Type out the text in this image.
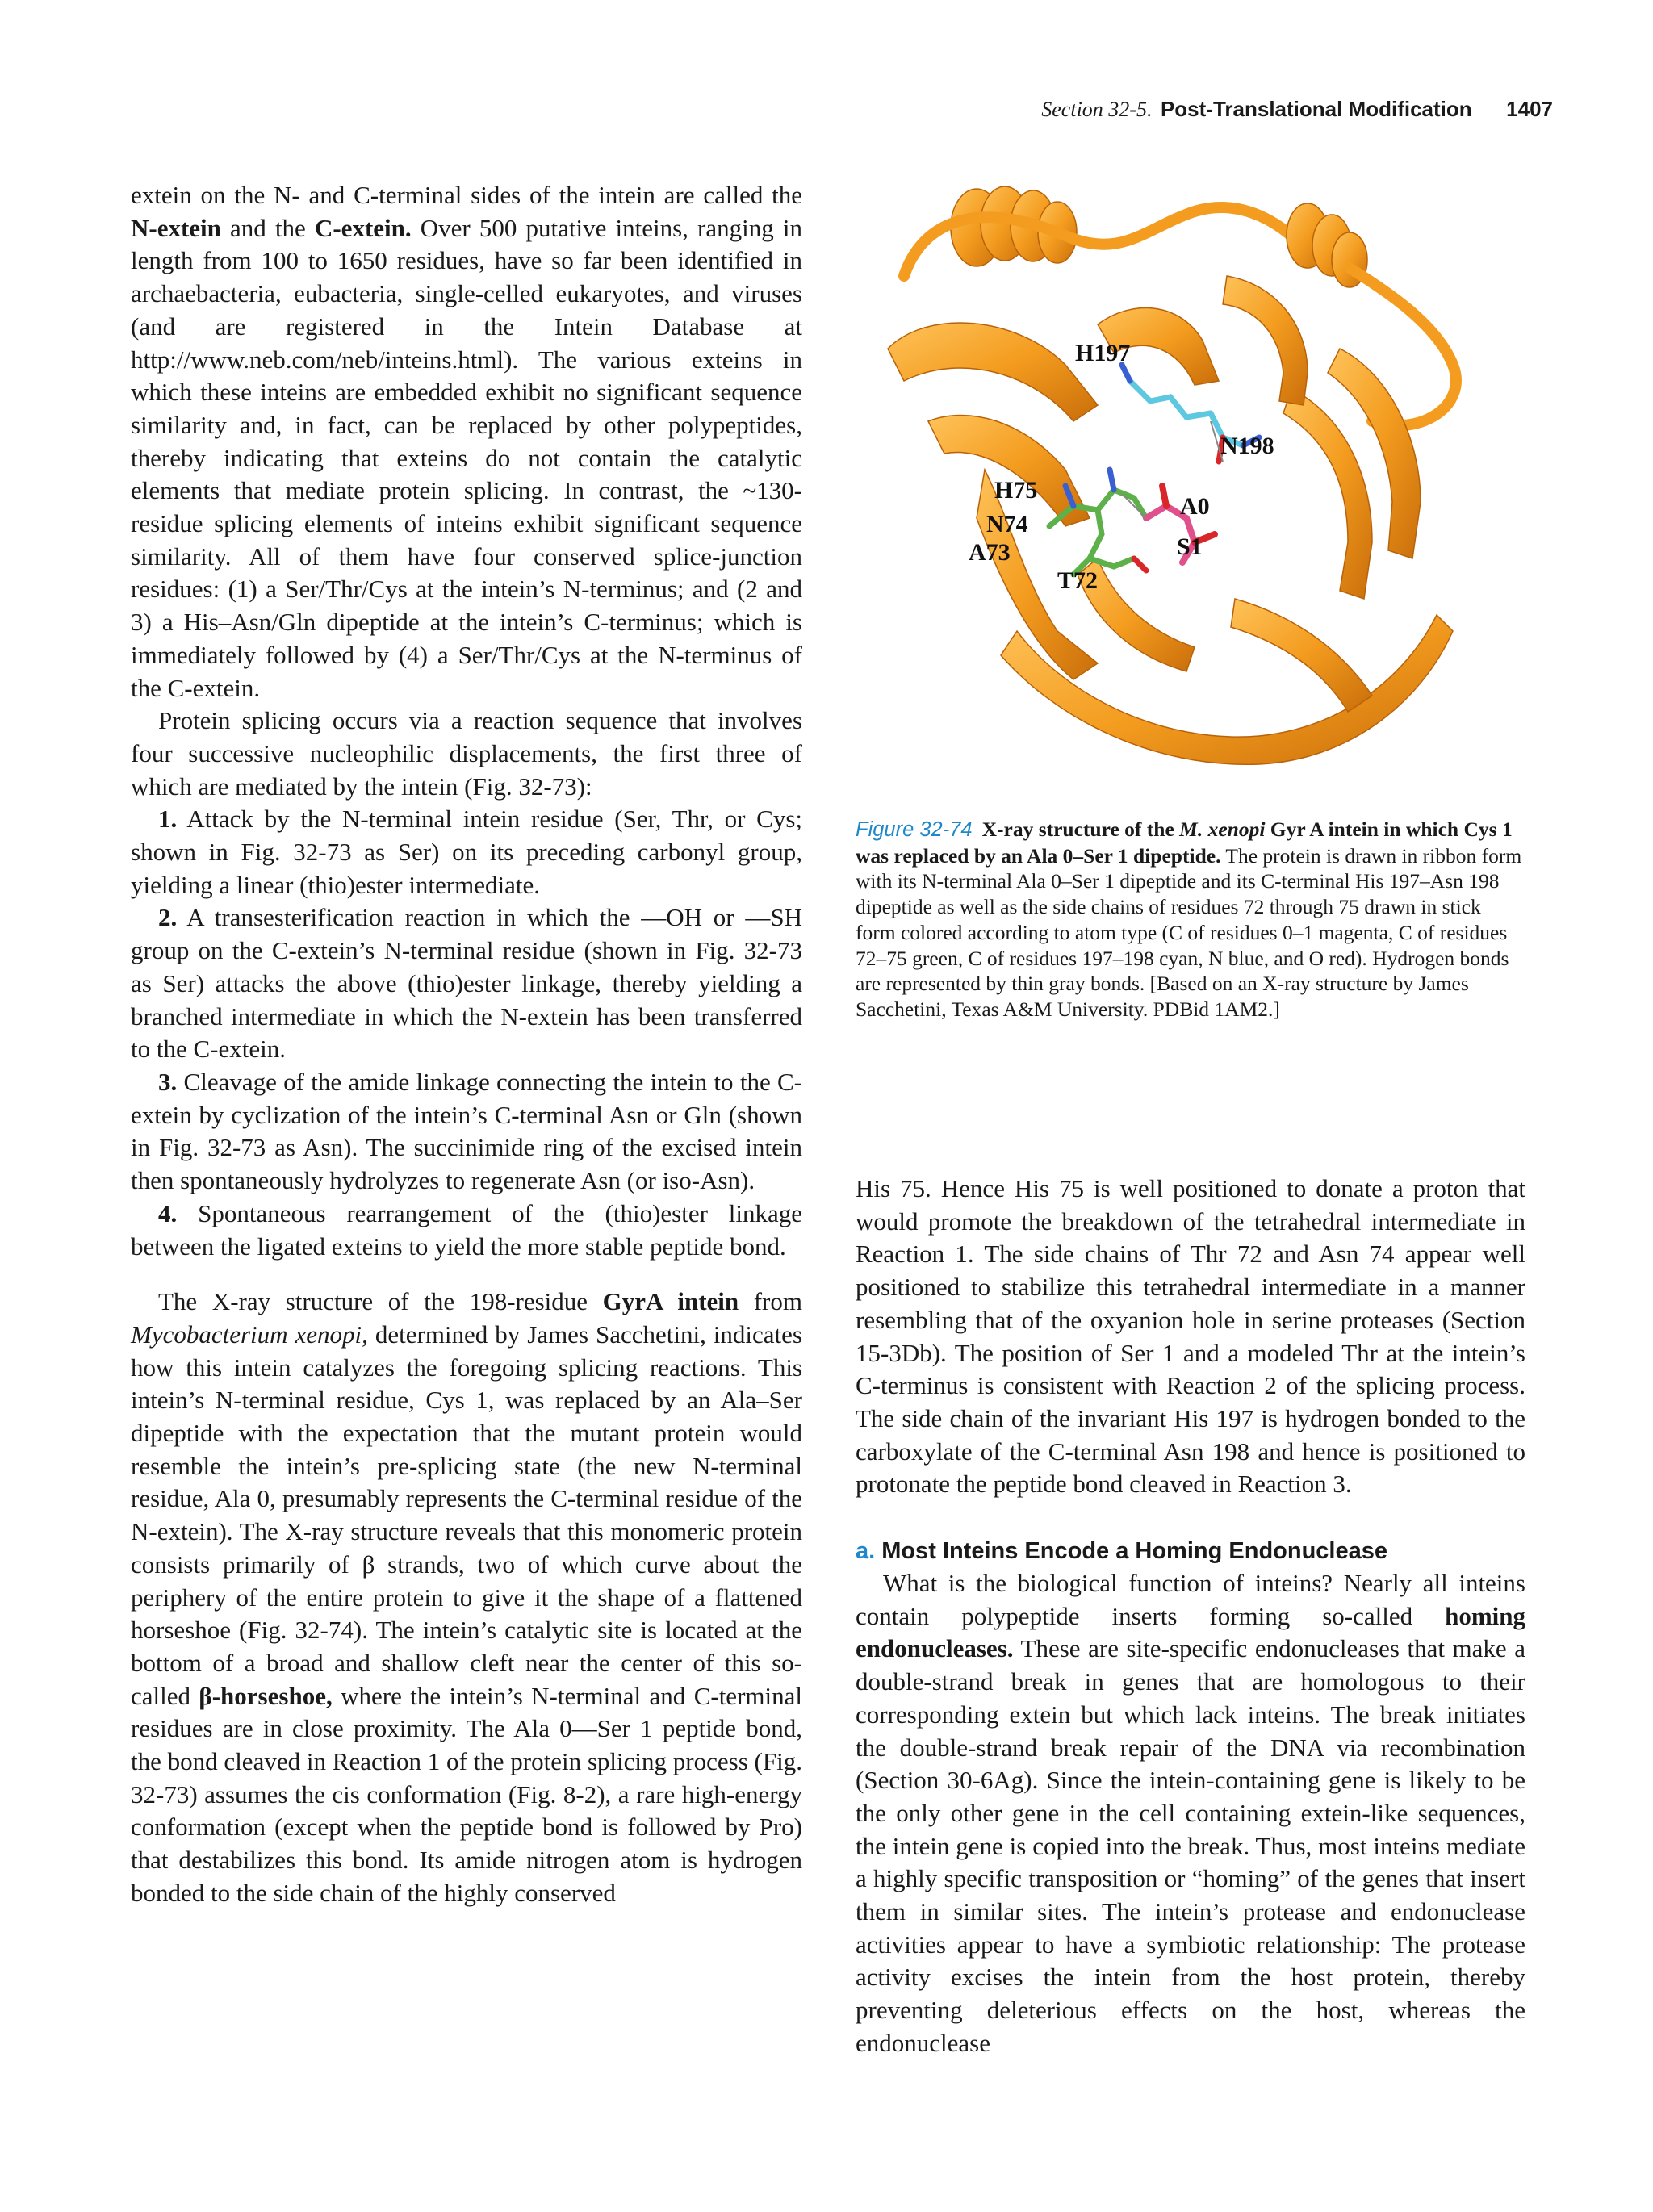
Section 32-5. Post-Translational Modification 1407

extein on the N- and C-terminal sides of the intein are called the N-extein and the C-extein. Over 500 putative inteins, ranging in length from 100 to 1650 residues, have so far been identified in archaebacteria, eubacteria, single-celled eukaryotes, and viruses (and are registered in the Intein Database at http://www.neb.com/neb/inteins.html). The various exteins in which these inteins are embedded exhibit no significant sequence similarity and, in fact, can be replaced by other polypeptides, thereby indicating that exteins do not contain the catalytic elements that mediate protein splicing. In contrast, the ~130-residue splicing elements of inteins exhibit significant sequence similarity. All of them have four conserved splice-junction residues: (1) a Ser/Thr/Cys at the intein’s N-terminus; and (2 and 3) a His–Asn/Gln dipeptide at the intein’s C-terminus; which is immediately followed by (4) a Ser/Thr/Cys at the N-terminus of the C-extein.

Protein splicing occurs via a reaction sequence that involves four successive nucleophilic displacements, the first three of which are mediated by the intein (Fig. 32-73):

1. Attack by the N-terminal intein residue (Ser, Thr, or Cys; shown in Fig. 32-73 as Ser) on its preceding carbonyl group, yielding a linear (thio)ester intermediate.

2. A transesterification reaction in which the —OH or —SH group on the C-extein’s N-terminal residue (shown in Fig. 32-73 as Ser) attacks the above (thio)ester linkage, thereby yielding a branched intermediate in which the N-extein has been transferred to the C-extein.

3. Cleavage of the amide linkage connecting the intein to the C-extein by cyclization of the intein’s C-terminal Asn or Gln (shown in Fig. 32-73 as Asn). The succinimide ring of the excised intein then spontaneously hydrolyzes to regenerate Asn (or iso-Asn).

4. Spontaneous rearrangement of the (thio)ester linkage between the ligated exteins to yield the more stable peptide bond.

The X-ray structure of the 198-residue GyrA intein from Mycobacterium xenopi, determined by James Sacchetini, indicates how this intein catalyzes the foregoing splicing reactions. This intein’s N-terminal residue, Cys 1, was replaced by an Ala–Ser dipeptide with the expectation that the mutant protein would resemble the intein’s pre-splicing state (the new N-terminal residue, Ala 0, presumably represents the C-terminal residue of the N-extein). The X-ray structure reveals that this monomeric protein consists primarily of β strands, two of which curve about the periphery of the entire protein to give it the shape of a flattened horseshoe (Fig. 32-74). The intein’s catalytic site is located at the bottom of a broad and shallow cleft near the center of this so-called β-horseshoe, where the intein’s N-terminal and C-terminal residues are in close proximity. The Ala 0—Ser 1 peptide bond, the bond cleaved in Reaction 1 of the protein splicing process (Fig. 32-73) assumes the cis conformation (Fig. 8-2), a rare high-energy conformation (except when the peptide bond is followed by Pro) that destabilizes this bond. Its amide nitrogen atom is hydrogen bonded to the side chain of the highly conserved

H197
N198
H75
A0
N74
S1
A73
T72

Figure 32-74 X-ray structure of the M. xenopi Gyr A intein in which Cys 1 was replaced by an Ala 0–Ser 1 dipeptide. The protein is drawn in ribbon form with its N-terminal Ala 0–Ser 1 dipeptide and its C-terminal His 197–Asn 198 dipeptide as well as the side chains of residues 72 through 75 drawn in stick form colored according to atom type (C of residues 0–1 magenta, C of residues 72–75 green, C of residues 197–198 cyan, N blue, and O red). Hydrogen bonds are represented by thin gray bonds. [Based on an X-ray structure by James Sacchetini, Texas A&M University. PDBid 1AM2.]

His 75. Hence His 75 is well positioned to donate a proton that would promote the breakdown of the tetrahedral intermediate in Reaction 1. The side chains of Thr 72 and Asn 74 appear well positioned to stabilize this tetrahedral intermediate in a manner resembling that of the oxyanion hole in serine proteases (Section 15-3Db). The position of Ser 1 and a modeled Thr at the intein’s C-terminus is consistent with Reaction 2 of the splicing process. The side chain of the invariant His 197 is hydrogen bonded to the carboxylate of the C-terminal Asn 198 and hence is positioned to protonate the peptide bond cleaved in Reaction 3.

a. Most Inteins Encode a Homing Endonuclease

What is the biological function of inteins? Nearly all inteins contain polypeptide inserts forming so-called homing endonucleases. These are site-specific endonucleases that make a double-strand break in genes that are homologous to their corresponding extein but which lack inteins. The break initiates the double-strand break repair of the DNA via recombination (Section 30-6Ag). Since the intein-containing gene is likely to be the only other gene in the cell containing extein-like sequences, the intein gene is copied into the break. Thus, most inteins mediate a highly specific transposition or “homing” of the genes that insert them in similar sites. The intein’s protease and endonuclease activities appear to have a symbiotic relationship: The protease activity excises the intein from the host protein, thereby preventing deleterious effects on the host, whereas the endonuclease
